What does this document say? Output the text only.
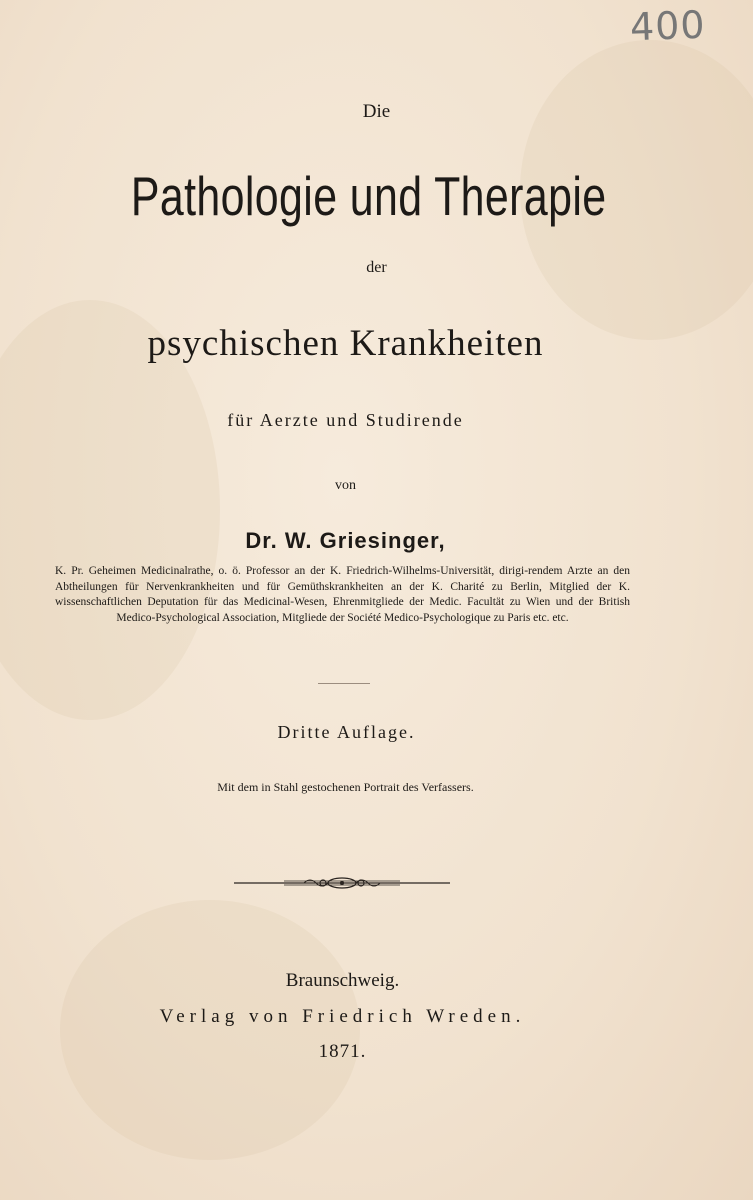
400
Die
Pathologie und Therapie
der
psychischen Krankheiten
für Aerzte und Studirende
von
Dr. W. Griesinger,
K. Pr. Geheimen Medicinalrathe, o. ö. Professor an der K. Friedrich-Wilhelms-Universität, dirigi-rendem Arzte an den Abtheilungen für Nervenkrankheiten und für Gemüthskrankheiten an der K. Charité zu Berlin, Mitglied der K. wissenschaftlichen Deputation für das Medicinal-Wesen, Ehrenmitgliede der Medic. Facultät zu Wien und der British Medico-Psychological Association, Mitgliede der Société Medico-Psychologique zu Paris etc. etc.
Dritte Auflage.
Mit dem in Stahl gestochenen Portrait des Verfassers.
Braunschweig.
Verlag von Friedrich Wreden.
1871.
